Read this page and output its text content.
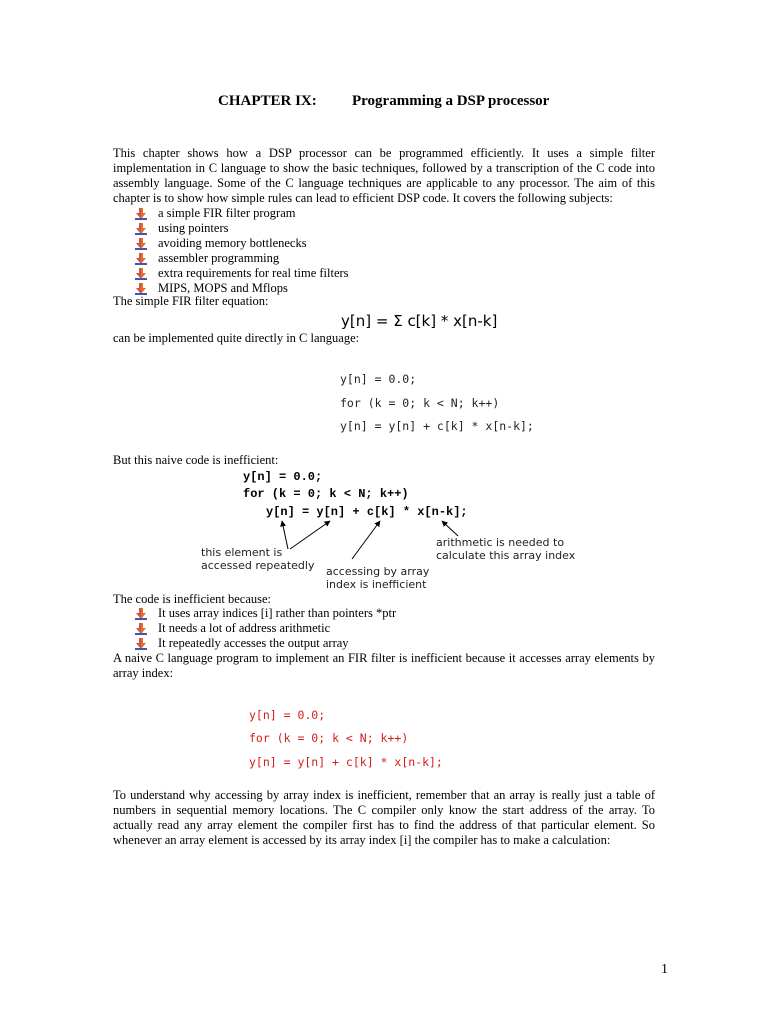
CHAPTER IX: Programming a DSP processor
This chapter shows how a DSP processor can be programmed efficiently. It uses a simple filter implementation in C language to show the basic techniques, followed by a transcription of the C code into assembly language. Some of the C language techniques are applicable to any processor. The aim of this chapter is to show how simple rules can lead to efficient DSP code. It covers the following subjects:
a simple FIR filter program
using pointers
avoiding memory bottlenecks
assembler programming
extra requirements for real time filters
MIPS, MOPS and Mflops
The simple FIR filter equation:
y[n] = Σ c[k] * x[n-k]
can be implemented quite directly in C language:
y[n] = 0.0;
for (k = 0; k < N; k++)
y[n] = y[n] + c[k] * x[n-k];
But this naive code is inefficient:
y[n] = 0.0;
for (k = 0; k < N; k++)
y[n] = y[n] + c[k] * x[n-k];
this element is
accessed repeatedly accessing by array
index is inefficient
arithmetic is needed to
calculate this array index
The code is inefficient because:
It uses array indices [i] rather than pointers *ptr
It needs a lot of address arithmetic
It repeatedly accesses the output array
A naive C language program to implement an FIR filter is inefficient because it accesses array elements by array index:
y[n] = 0.0;
for (k = 0; k < N; k++)
y[n] = y[n] + c[k] * x[n-k];
To understand why accessing by array index is inefficient, remember that an array is really just a table of numbers in sequential memory locations. The C compiler only know the start address of the array. To actually read any array element the compiler first has to find the address of that particular element. So whenever an array element is accessed by its array index [i] the compiler has to make a calculation:
1
